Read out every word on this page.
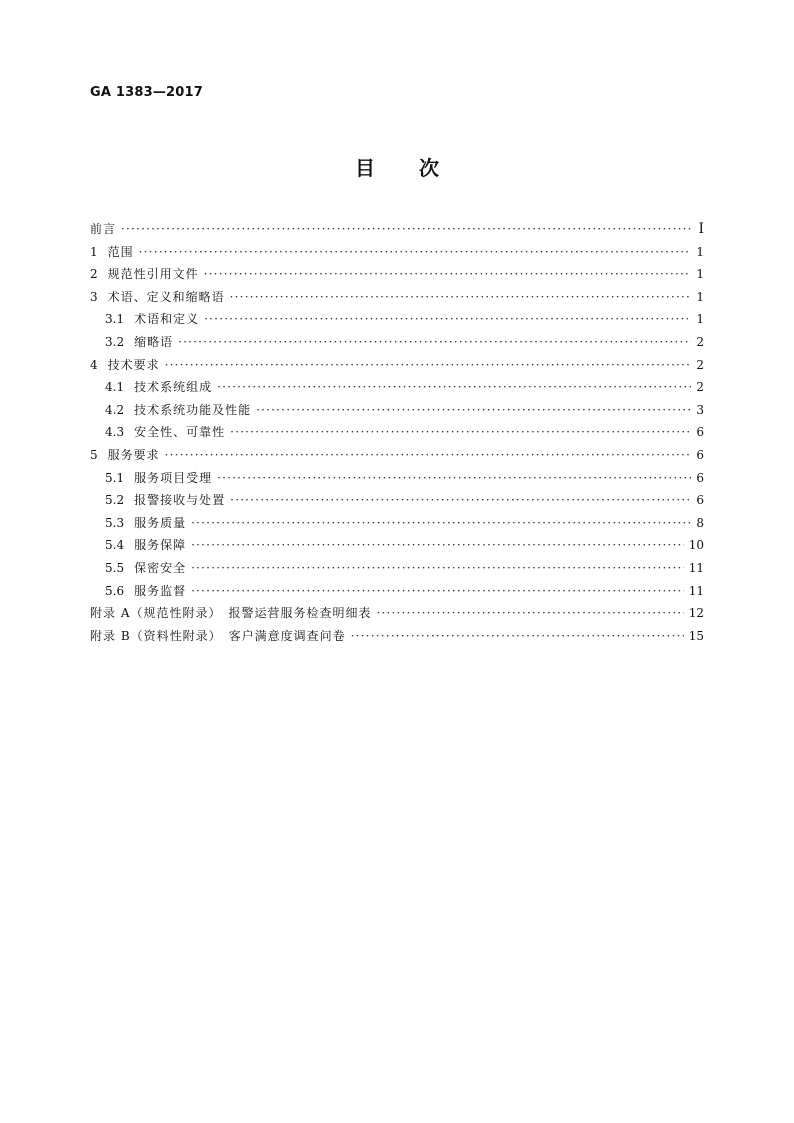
GA 1383—2017
目次
前言 ·····	Ⅰ
1 范围 ·····	1
2 规范性引用文件 ·····	1
3 术语、定义和缩略语 ·····	1
3.1 术语和定义 ·····	1
3.2 缩略语 ·····	2
4 技术要求 ·····	2
4.1 技术系统组成 ·····	2
4.2 技术系统功能及性能 ·····	3
4.3 安全性、可靠性 ·····	6
5 服务要求 ·····	6
5.1 服务项目受理 ·····	6
5.2 报警接收与处置 ·····	6
5.3 服务质量 ·····	8
5.4 服务保障 ·····	10
5.5 保密安全 ·····	11
5.6 服务监督 ·····	11
附录 A（规范性附录）　报警运营服务检查明细表 ·····	12
附录 B（资料性附录）　客户满意度调查问卷 ·····	15
